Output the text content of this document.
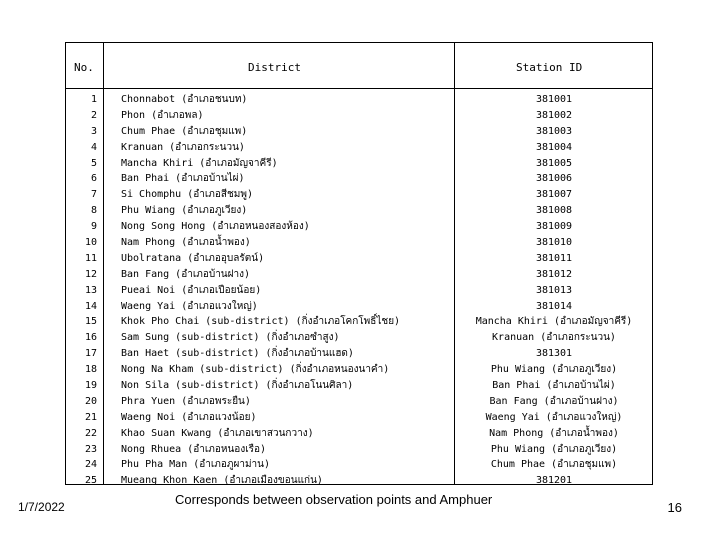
No.	District	Station ID
1 Chonnabot (อำเภอชนบท)	381001
2 Phon (อำเภอพล)	381002
3 Chum Phae (อำเภอชุมแพ)	381003
4 Kranuan (อำเภอกระนวน)	381004
5 Mancha Khiri (อำเภอมัญจาคีรี)	381005
6 Ban Phai (อำเภอบ้านไผ่)	381006
7 Si Chomphu (อำเภอสีชมพู)	381007
8 Phu Wiang (อำเภอภูเวียง)	381008
9 Nong Song Hong (อำเภอหนองสองห้อง)	381009
10 Nam Phong (อำเภอน้ำพอง)	381010
11 Ubolratana (อำเภออุบลรัตน์)	381011
12 Ban Fang (อำเภอบ้านฝาง)	381012
13 Pueai Noi (อำเภอเปือยน้อย)	381013
14 Waeng Yai (อำเภอแวงใหญ่)	381014
15 Khok Pho Chai (sub-district) (กิ่งอำเภอโคกโพธิ์ไชย)	Mancha Khiri (อำเภอมัญจาคีรี)
16 Sam Sung (sub-district) (กิ่งอำเภอซำสูง)	Kranuan (อำเภอกระนวน)
17 Ban Haet (sub-district) (กิ่งอำเภอบ้านแฮด)	381301
18 Nong Na Kham (sub-district) (กิ่งอำเภอหนองนาคำ)	Phu Wiang (อำเภอภูเวียง)
19 Non Sila (sub-district) (กิ่งอำเภอโนนศิลา)	Ban Phai (อำเภอบ้านไผ่)
20 Phra Yuen (อำเภอพระยืน)	Ban Fang (อำเภอบ้านฝาง)
21 Waeng Noi (อำเภอแวงน้อย)	Waeng Yai (อำเภอแวงใหญ่)
22 Khao Suan Kwang (อำเภอเขาสวนกวาง)	Nam Phong (อำเภอน้ำพอง)
23 Nong Rhuea (อำเภอหนองเรือ)	Phu Wiang (อำเภอภูเวียง)
24 Phu Pha Man (อำเภอภูผาม่าน)	Chum Phae (อำเภอชุมแพ)
25 Mueang Khon Kaen (อำเภอเมืองขอนแก่น)	381201
1/7/2022	Corresponds between observation points and Amphuer
16
